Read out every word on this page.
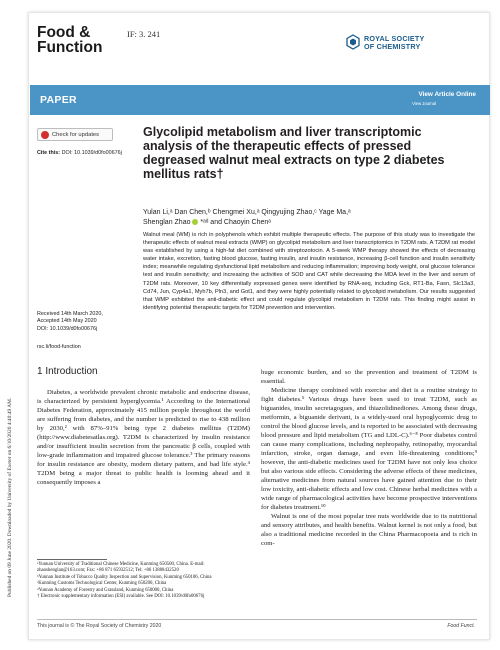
Published on 09 June 2020. Downloaded by University of Exeter on 6/10/2020 4:40:49 AM.
Food &
Function
IF: 3. 241	ROYAL SOCIETY
OF CHEMISTRY
PAPER	View Article Online
View Journal
Check for updates
Cite this: DOI: 10.1039/d0fo00676j
Glycolipid metabolism and liver transcriptomic analysis of the therapeutic effects of pressed degreased walnut meal extracts on type 2 diabetes mellitus rats†
Yulan Li,ᵃ Dan Chen,ᵇ Chengmei Xu,ᵃ Qingyujing Zhao,ᶜ Yage Ma,ᵃ
Shenglan Zhao *ᵃᵈ and Chaoyin Chenᵃ
Walnut meal (WM) is rich in polyphenols which exhibit multiple therapeutic effects. The purpose of this study was to investigate the therapeutic effects of walnut meal extracts (WMP) on glycolipid metabolism and liver transcriptomics in T2DM rats. A T2DM rat model was established by using a high-fat diet combined with streptozotocin. A 5-week WMP therapy showed the effects of decreasing water intake, excretion, fasting blood glucose, fasting insulin, and insulin resistance, increasing β-cell function and insulin sensitivity index; meanwhile regulating dysfunctional lipid metabolism and reducing inflammation; improving body weight, oral glucose tolerance test and insulin sensitivity; and increasing the activities of SOD and CAT while decreasing the MDA level in the liver and serum of T2DM rats. Moreover, 10 key differentially expressed genes were identified by RNA-seq, including Gck, RT1-Ba, Fasn, Slc13a3, Cd74, Jun, Cyp4a1, Myh7b, Pln3, and Got1, and they were highly potentially related to glycolipid metabolism. Our results suggested that WMP exhibited the anti-diabetic effect and could regulate glycolipid metabolism in T2DM rats. This finding might assist in identifying potential therapeutic targets for T2DM prevention and intervention.
Received 14th March 2020,
Accepted 14th May 2020
DOI: 10.1039/d0fo00676j
rsc.li/food-function
1 Introduction

Diabetes, a worldwide prevalent chronic metabolic and endocrine disease, is characterized by persistent hyperglycemia.¹ According to the International Diabetes Federation, approximately 415 million people throughout the world are suffering from diabetes, and the number is predicted to rise to 438 million by 2030,² with 87%–91% being type 2 diabetes mellitus (T2DM) (http://www.diabetesatlas.org). T2DM is characterized by insulin resistance and/or insufficient insulin secretion from the pancreatic β cells, coupled with low-grade inflammation and impaired glucose tolerance.³ The primary reasons for insulin resistance are obesity, modern dietary pattern, and bad life style.⁴ T2DM being a major threat to public health is looming ahead and it consequently imposes a

huge economic burden, and so the prevention and treatment of T2DM is essential.

Medicine therapy combined with exercise and diet is a routine strategy to fight diabetes.⁵ Various drugs have been used to treat T2DM, such as biguanides, insulin secretagogues, and thiazolidinediones. Among these drugs, metformin, a biguanide derivant, is a widely-used oral hypoglycemic drug to control the blood glucose levels, and is reported to be associated with decreasing blood pressure and lipid metabolism (TG and LDL-C).⁶⁻⁸ Poor diabetes control can cause many complications, including nephropathy, retinopathy, myocardial infarction, stroke, organ damage, and even life-threatening conditions;⁹ however, the anti-diabetic medicines used for T2DM have not only less choice but also various side effects. Considering the adverse effects of these medicines, alternative medicines from natural sources have gained attention due to their low toxicity, anti-diabetic effects and low cost. Chinese herbal medicines with a wide range of pharmacological activities have become prospective interventions for diabetes treatment.¹⁰

Walnut is one of the most popular tree nuts worldwide due to its nutritional and sensory attributes, and health benefits. Walnut kernel is not only a food, but also a traditional medicine recorded in the China Pharmacopoeia and is rich in com-

ᵃYunnan University of Traditional Chinese Medicine, Kunming 650500, China. E-mail: zhaoshenglan@163.com; Fax: +86 871 65932512; Tel: +86 13888432520
ᵇYunnan Institute of Tobacco Quality Inspection and Supervision, Kunming 650106, China
ᶜKunming Customs Technological Center, Kunming 650200, China
ᵈYunnan Academy of Forestry and Grassland, Kunming 650000, China
† Electronic supplementary information (ESI) available. See DOI: 10.1039/d0fo00676j
This journal is © The Royal Society of Chemistry 2020	Food Funct.
